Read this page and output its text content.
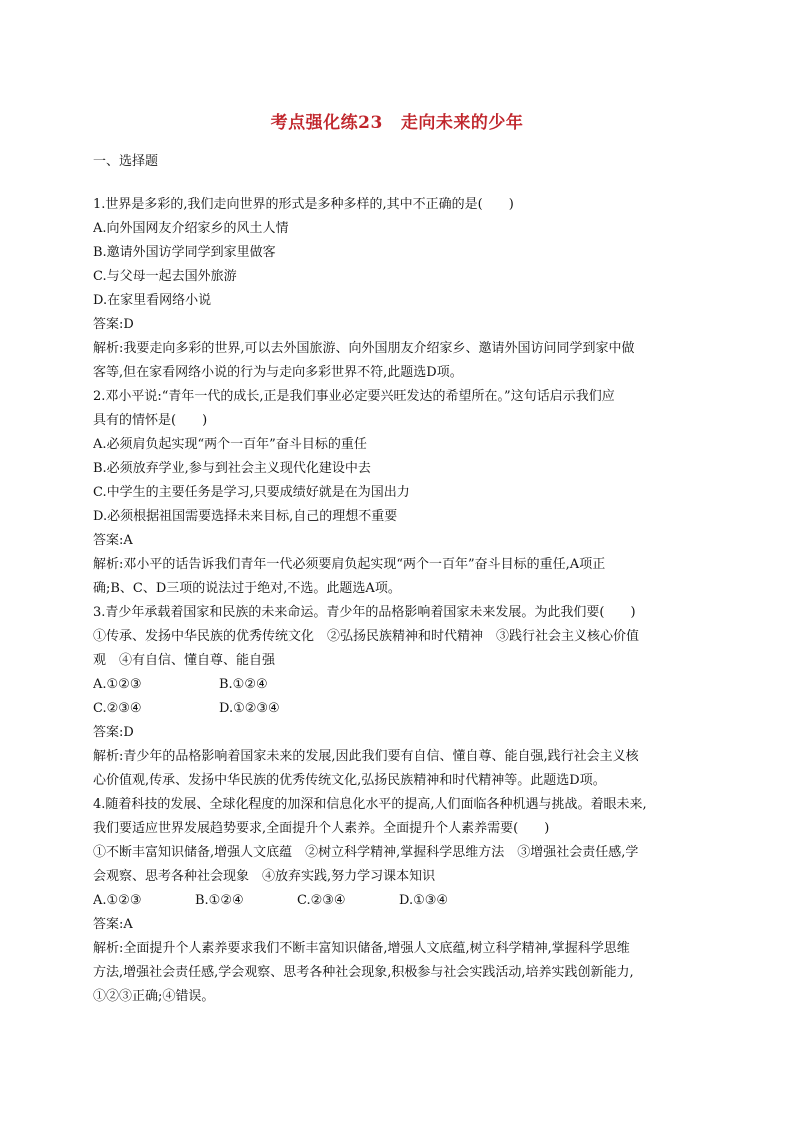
考点强化练23 走向未来的少年
一、选择题
1.世界是多彩的,我们走向世界的形式是多种多样的,其中不正确的是(　　)
A.向外国网友介绍家乡的风土人情
B.邀请外国访学同学到家里做客
C.与父母一起去国外旅游
D.在家里看网络小说
答案:D
解析:我要走向多彩的世界,可以去外国旅游、向外国朋友介绍家乡、邀请外国访问同学到家中做
客等,但在家看网络小说的行为与走向多彩世界不符,此题选D项。
2.邓小平说:“青年一代的成长,正是我们事业必定要兴旺发达的希望所在。”这句话启示我们应
具有的情怀是(　　)
A.必须肩负起实现“两个一百年”奋斗目标的重任
B.必须放弃学业,参与到社会主义现代化建设中去
C.中学生的主要任务是学习,只要成绩好就是在为国出力
D.必须根据祖国需要选择未来目标,自己的理想不重要
答案:A
解析:邓小平的话告诉我们青年一代必须要肩负起实现“两个一百年”奋斗目标的重任,A项正
确;B、C、D三项的说法过于绝对,不选。此题选A项。
3.青少年承载着国家和民族的未来命运。青少年的品格影响着国家未来发展。为此我们要(　　)
①传承、发扬中华民族的优秀传统文化　②弘扬民族精神和时代精神　③践行社会主义核心价值
观　④有自信、懂自尊、能自强
A.①②③	B.①②④
C.②③④	D.①②③④
答案:D
解析:青少年的品格影响着国家未来的发展,因此我们要有自信、懂自尊、能自强,践行社会主义核
心价值观,传承、发扬中华民族的优秀传统文化,弘扬民族精神和时代精神等。此题选D项。
4.随着科技的发展、全球化程度的加深和信息化水平的提高,人们面临各种机遇与挑战。着眼未来,
我们要适应世界发展趋势要求,全面提升个人素养。全面提升个人素养需要(　　)
①不断丰富知识储备,增强人文底蕴　②树立科学精神,掌握科学思维方法　③增强社会责任感,学
会观察、思考各种社会现象　④放弃实践,努力学习课本知识
A.①②③	B.①②④	C.②③④	D.①③④
答案:A
解析:全面提升个人素养要求我们不断丰富知识储备,增强人文底蕴,树立科学精神,掌握科学思维
方法,增强社会责任感,学会观察、思考各种社会现象,积极参与社会实践活动,培养实践创新能力,
①②③正确;④错误。
